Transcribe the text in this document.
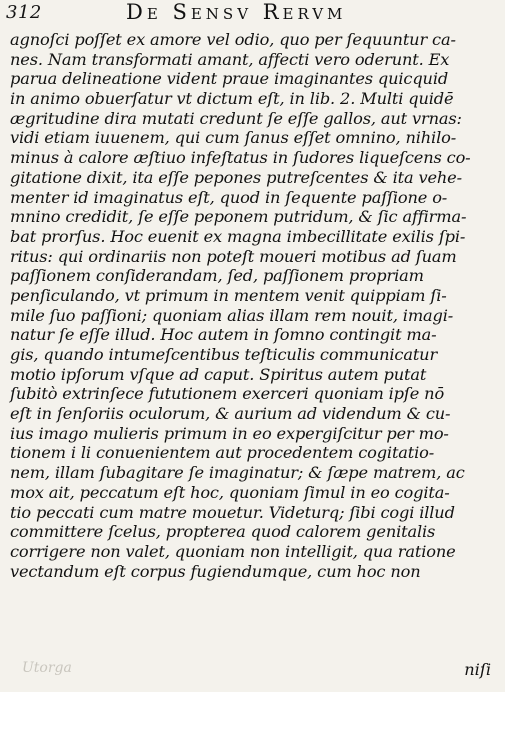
312	De Sensv Rervm
agnoſci poſſet ex amore vel odio, quo per ſequuntur ca-
nes. Nam transformati amant, affecti vero oderunt. Ex
parua delineatione vident praue imaginantes quicquid
in animo obuerſatur vt dictum eſt, in lib. 2. Multi quidē
ægritudine dira mutati credunt ſe eſſe gallos, aut vrnas:
vidi etiam iuuenem, qui cum ſanus eſſet omnino, nihilo-
minus à calore æſtiuo infeſtatus in ſudores liqueſcens co-
gitatione dixit, ita eſſe pepones putreſcentes & ita vehe-
menter id imaginatus eſt, quod in ſequente paſſione o-
mnino credidit, ſe eſſe peponem putridum, & ſic affirma-
bat prorſus. Hoc euenit ex magna imbecillitate exilis ſpi-
ritus: qui ordinariis non poteſt moueri motibus ad ſuam
paſſionem conſiderandam, ſed, paſſionem propriam
penſiculando, vt primum in mentem venit quippiam ſi-
mile ſuo paſſioni; quoniam alias illam rem nouit, imagi-
natur ſe eſſe illud. Hoc autem in ſomno contingit ma-
gis, quando intumeſcentibus teſticulis communicatur
motio ipſorum vſque ad caput. Spiritus autem putat
ſubitò extrinſece fututionem exerceri quoniam ipſe nō
eſt in ſenſoriis oculorum, & aurium ad videndum & cu-
ius imago mulieris primum in eo expergiſcitur per mo-
tionem i li conuenientem aut procedentem cogitatio-
nem, illam ſubagitare ſe imaginatur; & ſæpe matrem, ac
mox ait, peccatum eſt hoc, quoniam ſimul in eo cogita-
tio peccati cum matre mouetur. Videturq; ſibi cogi illud
committere ſcelus, propterea quod calorem genitalis
corrigere non valet, quoniam non intelligit, qua ratione
vectandum eſt corpus fugiendumque, cum hoc non
Utorga	niſi
